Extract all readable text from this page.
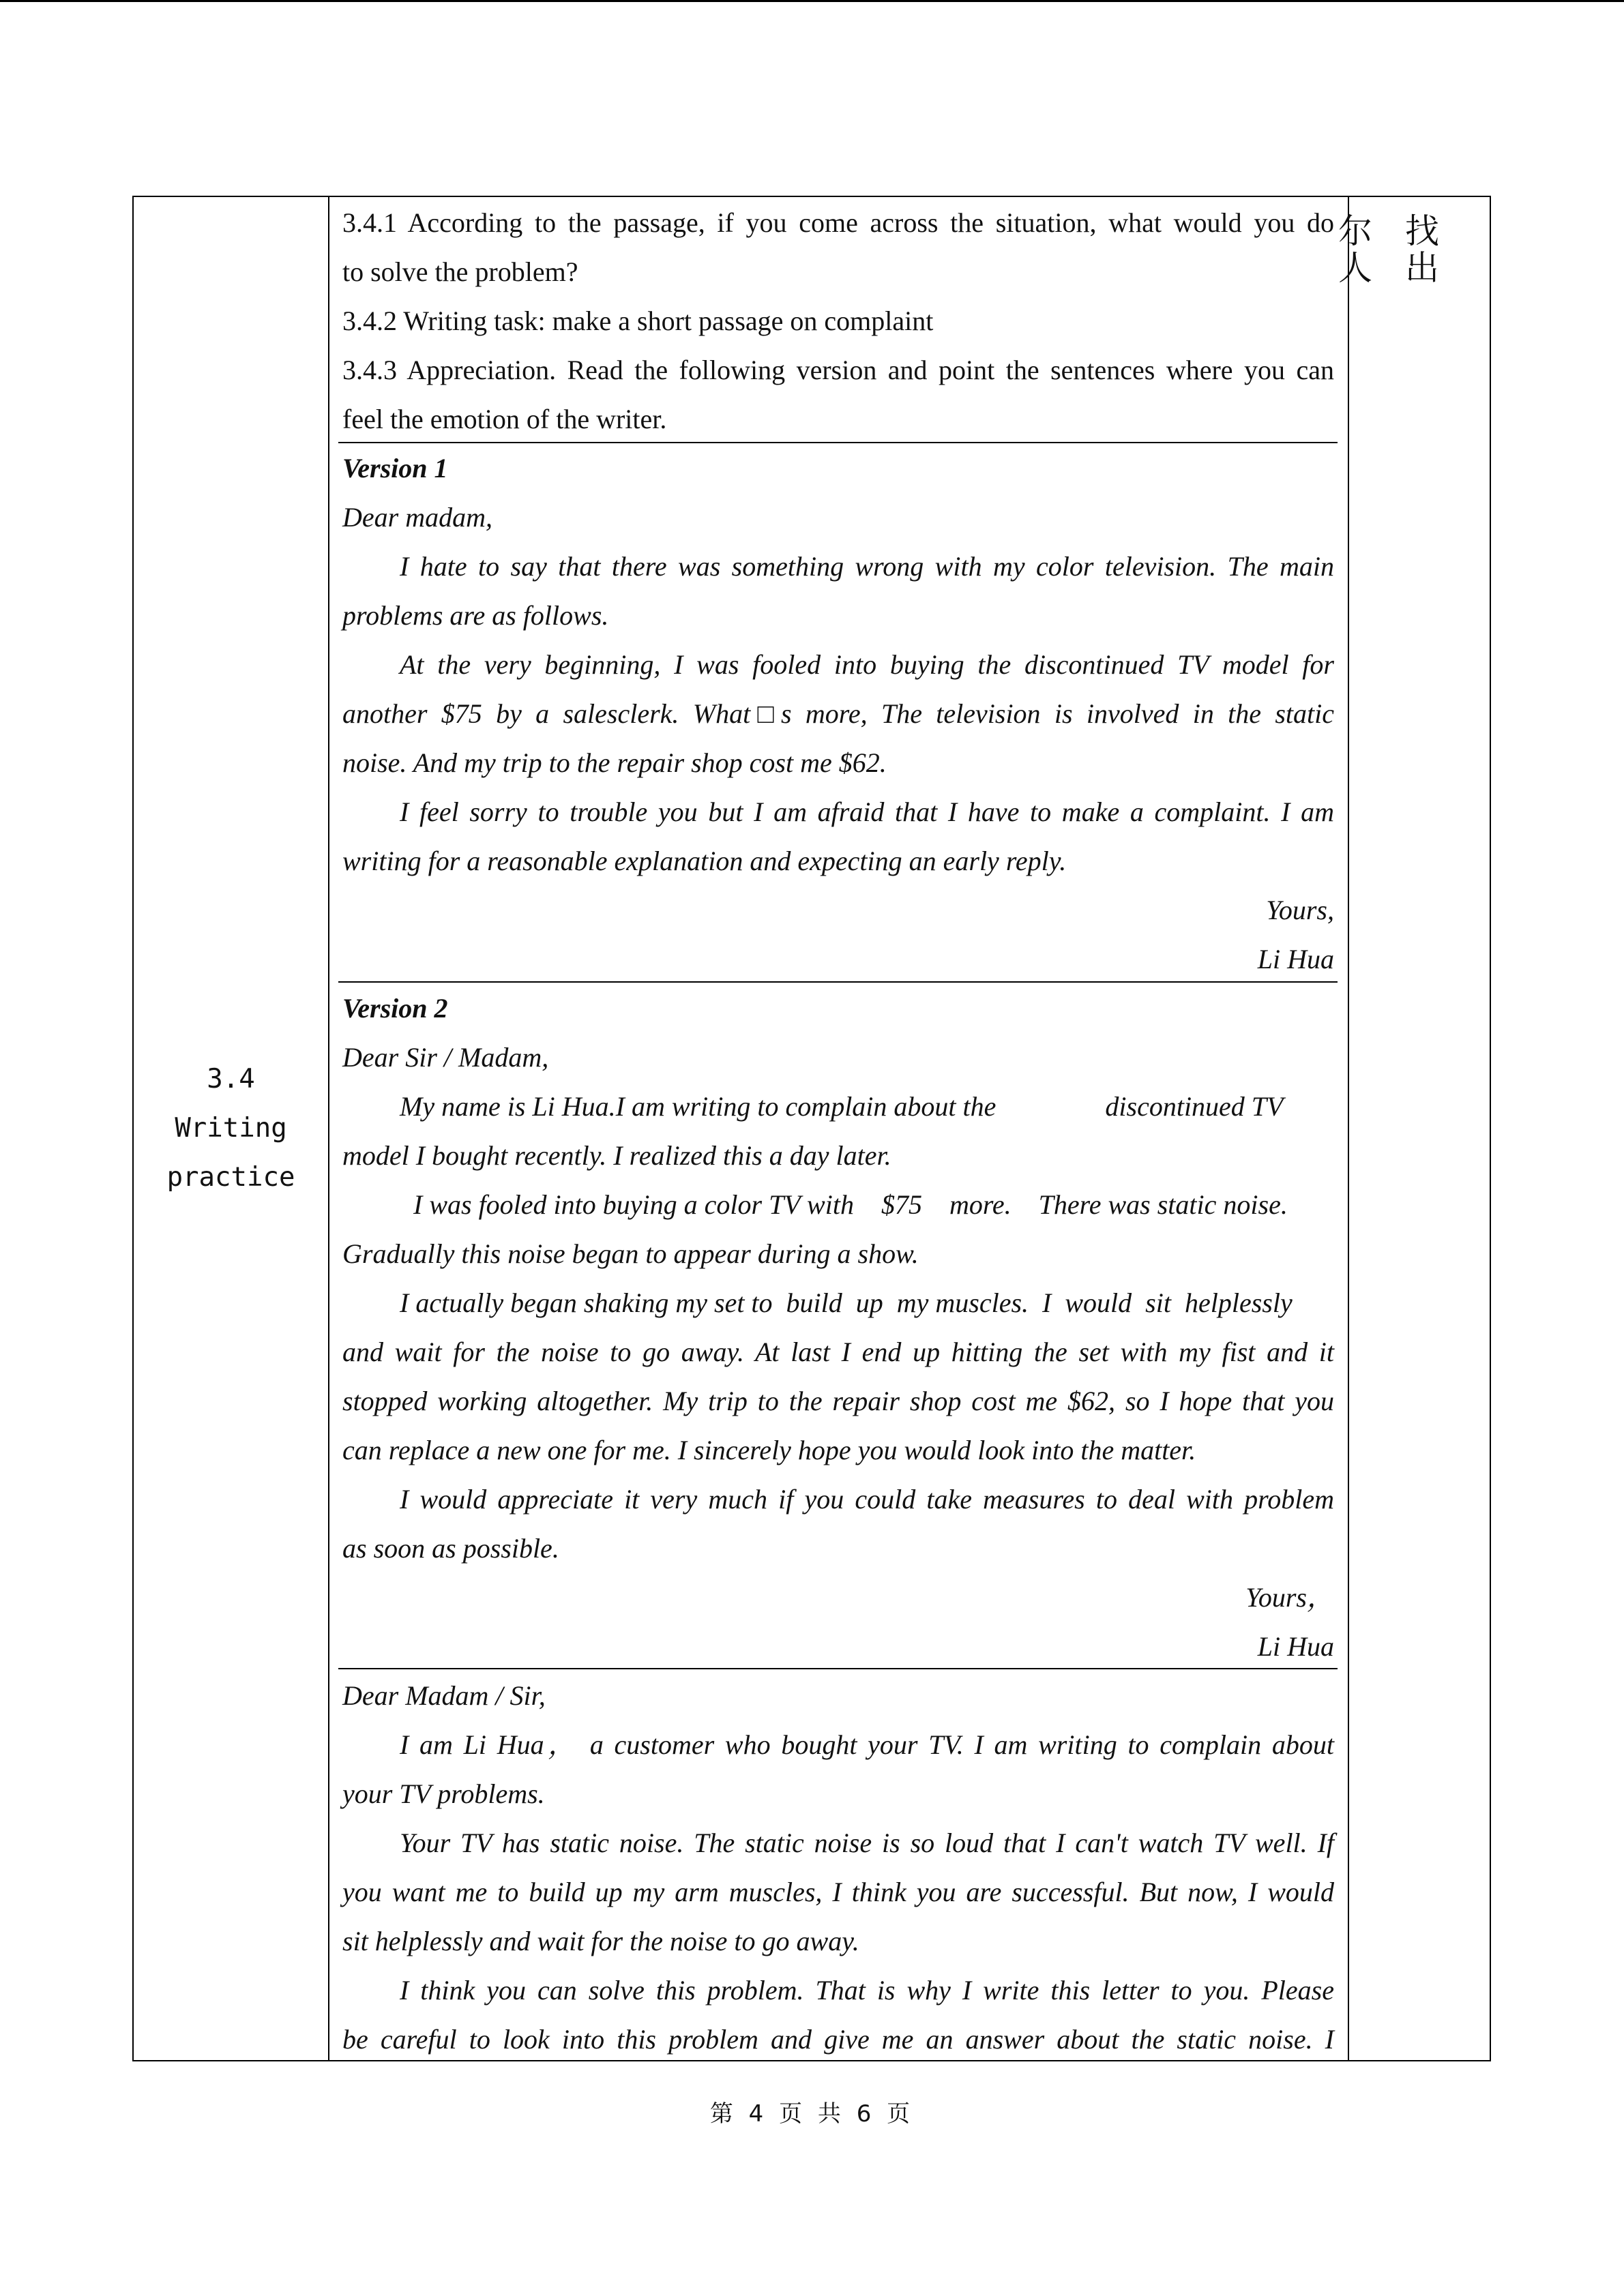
3.4
Writing
practice
尔
人
找
出
3.4.1 According to the passage, if you come across the situation, what would you do
to solve the problem?
3.4.2 Writing task: make a short passage on complaint
3.4.3 Appreciation. Read the following version and point the sentences where you can
feel the emotion of the writer.
Version 1
Dear madam,
I hate to say that there was something wrong with my color television. The main
problems are as follows.
At the very beginning, I was fooled into buying the discontinued TV model for
another $75 by a salesclerk. What□s more, The television is involved in the static
noise. And my trip to the repair shop cost me $62.
I feel sorry to trouble you but I am afraid that I have to make a complaint. I am
writing for a reasonable explanation and expecting an early reply.
Yours,
Li Hua
Version 2
Dear Sir / Madam,
My name is Li Hua.I am writing to complain about the                discontinued TV
model I bought recently. I realized this a day later.
I was fooled into buying a color TV with    $75    more.    There was static noise.
Gradually this noise began to appear during a show.
I actually began shaking my set to  build  up  my muscles.  I  would  sit  helplessly
and wait for the noise to go away. At last I end up hitting the set with my fist and it
stopped working altogether. My trip to the repair shop cost me $62, so I hope that you
can replace a new one for me. I sincerely hope you would look into the matter.
I would appreciate it very much if you could take measures to deal with problem
as soon as possible.
Yours，
Li Hua
Dear Madam / Sir,
I am Li Hua， a customer who bought your TV. I am writing to complain about
your TV problems.
Your TV has static noise. The static noise is so loud that I can't watch TV well. If
you want me to build up my arm muscles, I think you are successful. But now, I would
sit helplessly and wait for the noise to go away.
I think you can solve this problem. That is why I write this letter to you. Please
be careful to look into this problem and give me an answer about the static noise. I
第 4 页 共 6 页
